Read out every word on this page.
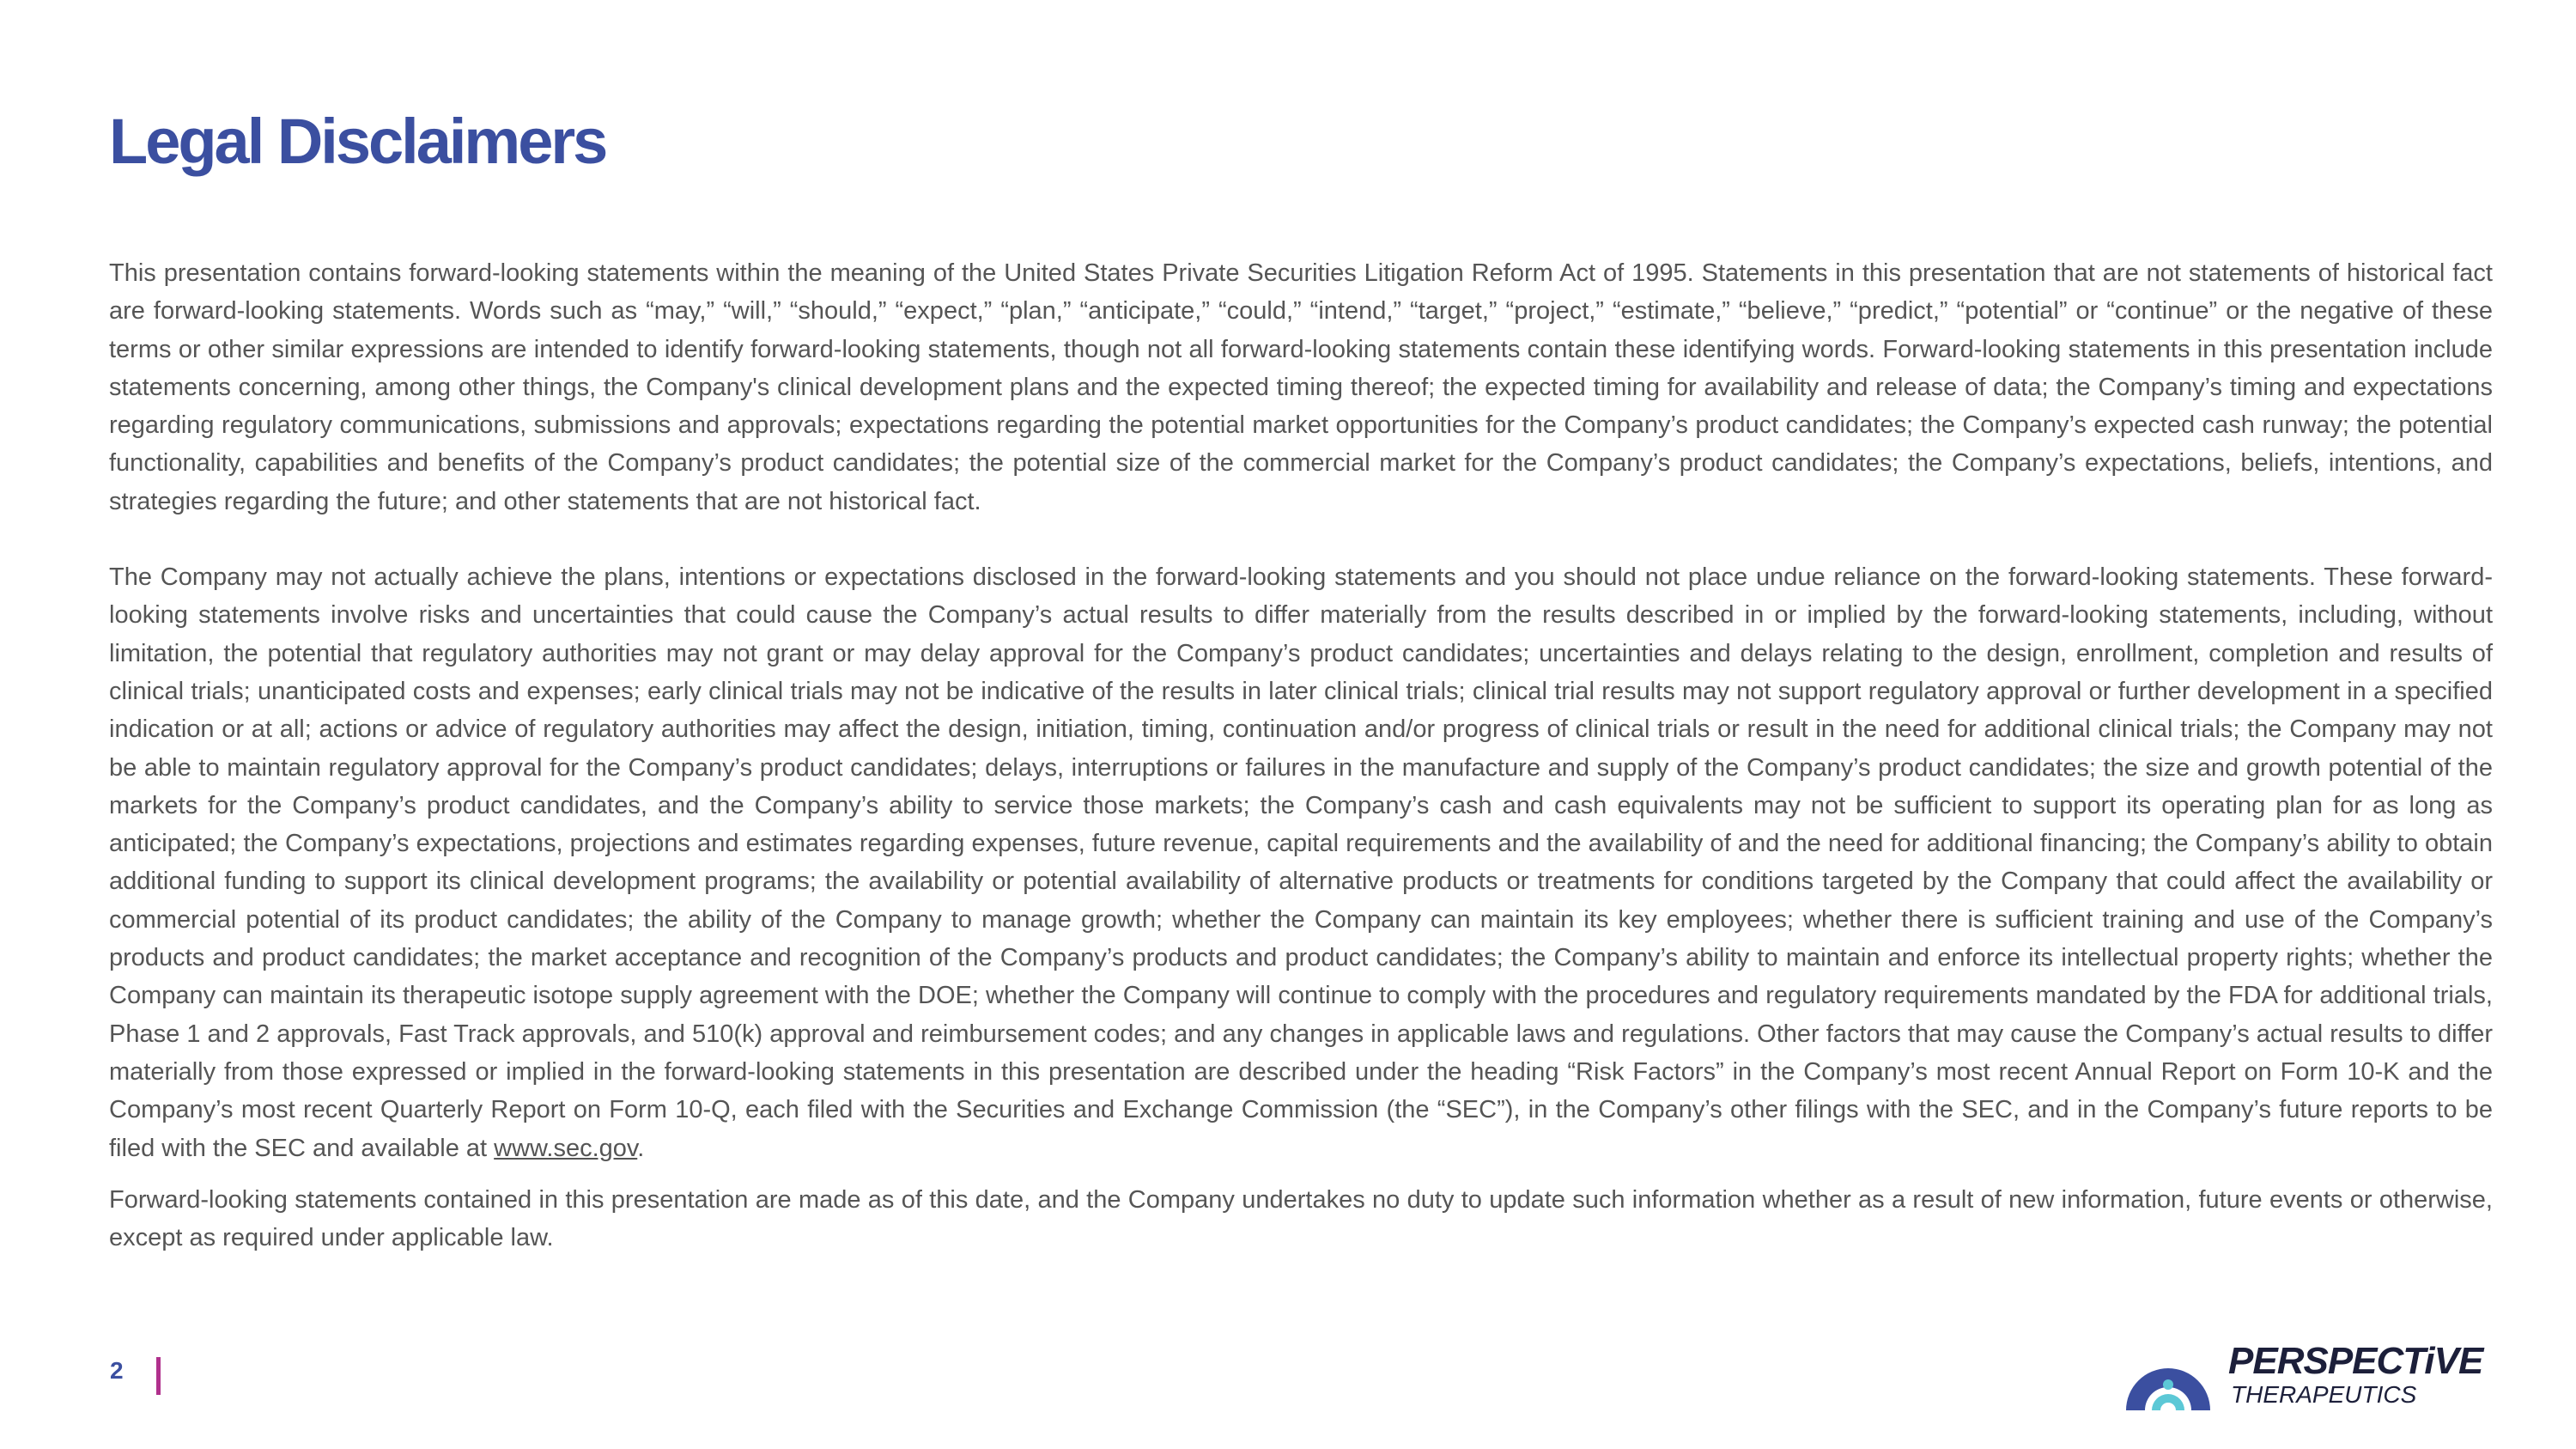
Legal Disclaimers

This presentation contains forward-looking statements within the meaning of the United States Private Securities Litigation Reform Act of 1995. Statements in this presentation that are not statements of historical fact are forward-looking statements. Words such as “may,” “will,” “should,” “expect,” “plan,” “anticipate,” “could,” “intend,” “target,” “project,” “estimate,” “believe,” “predict,” “potential” or “continue” or the negative of these terms or other similar expressions are intended to identify forward-looking statements, though not all forward-looking statements contain these identifying words. Forward-looking statements in this presentation include statements concerning, among other things, the Company's clinical development plans and the expected timing thereof; the expected timing for availability and release of data; the Company’s timing and expectations regarding regulatory communications, submissions and approvals; expectations regarding the potential market opportunities for the Company’s product candidates; the Company’s expected cash runway; the potential functionality, capabilities and benefits of the Company’s product candidates; the potential size of the commercial market for the Company’s product candidates; the Company’s expectations, beliefs, intentions, and strategies regarding the future; and other statements that are not historical fact.

The Company may not actually achieve the plans, intentions or expectations disclosed in the forward-looking statements and you should not place undue reliance on the forward-looking statements. These forward-looking statements involve risks and uncertainties that could cause the Company’s actual results to differ materially from the results described in or implied by the forward-looking statements, including, without limitation, the potential that regulatory authorities may not grant or may delay approval for the Company’s product candidates; uncertainties and delays relating to the design, enrollment, completion and results of clinical trials; unanticipated costs and expenses; early clinical trials may not be indicative of the results in later clinical trials; clinical trial results may not support regulatory approval or further development in a specified indication or at all; actions or advice of regulatory authorities may affect the design, initiation, timing, continuation and/or progress of clinical trials or result in the need for additional clinical trials; the Company may not be able to maintain regulatory approval for the Company’s product candidates; delays, interruptions or failures in the manufacture and supply of the Company’s product candidates; the size and growth potential of the markets for the Company’s product candidates, and the Company’s ability to service those markets; the Company’s cash and cash equivalents may not be sufficient to support its operating plan for as long as anticipated; the Company’s expectations, projections and estimates regarding expenses, future revenue, capital requirements and the availability of and the need for additional financing; the Company’s ability to obtain additional funding to support its clinical development programs; the availability or potential availability of alternative products or treatments for conditions targeted by the Company that could affect the availability or commercial potential of its product candidates; the ability of the Company to manage growth; whether the Company can maintain its key employees; whether there is sufficient training and use of the Company’s products and product candidates; the market acceptance and recognition of the Company’s products and product candidates; the Company’s ability to maintain and enforce its intellectual property rights; whether the Company can maintain its therapeutic isotope supply agreement with the DOE; whether the Company will continue to comply with the procedures and regulatory requirements mandated by the FDA for additional trials, Phase 1 and 2 approvals, Fast Track approvals, and 510(k) approval and reimbursement codes; and any changes in applicable laws and regulations. Other factors that may cause the Company’s actual results to differ materially from those expressed or implied in the forward-looking statements in this presentation are described under the heading “Risk Factors” in the Company’s most recent Annual Report on Form 10-K and the Company’s most recent Quarterly Report on Form 10-Q, each filed with the Securities and Exchange Commission (the “SEC”), in the Company’s other filings with the SEC, and in the Company’s future reports to be filed with the SEC and available at www.sec.gov.

Forward-looking statements contained in this presentation are made as of this date, and the Company undertakes no duty to update such information whether as a result of new information, future events or otherwise, except as required under applicable law.

2	PERSPECTiVE
THERAPEUTICS
